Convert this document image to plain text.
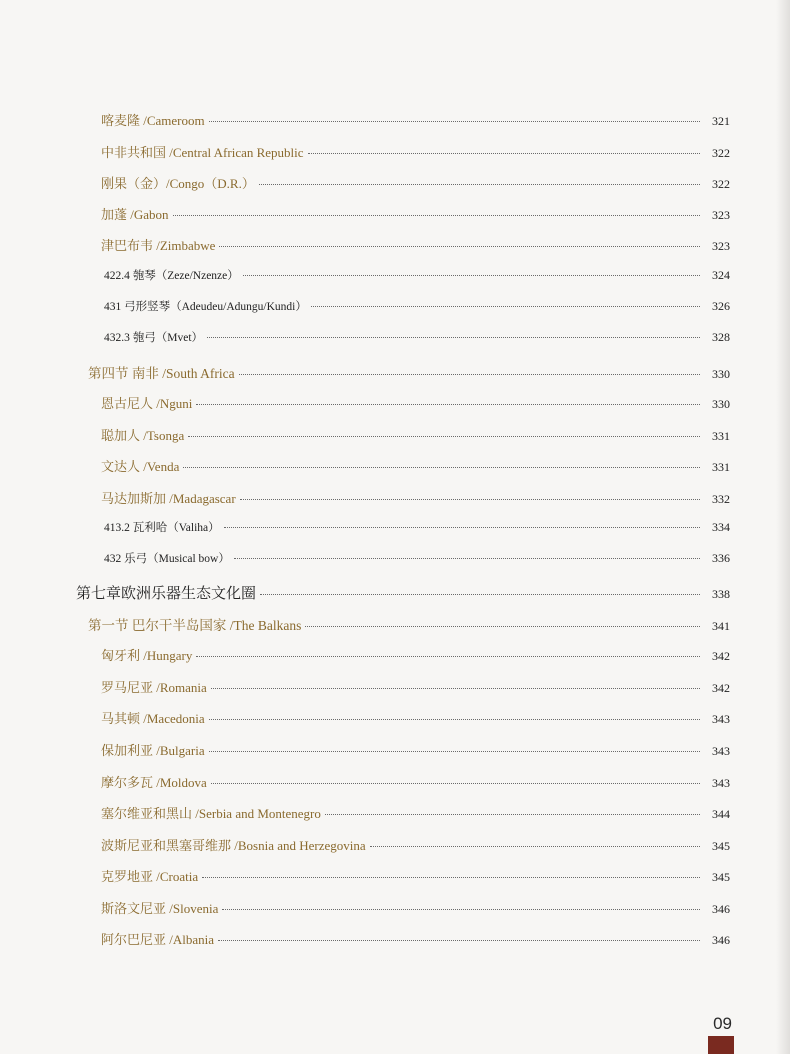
喀麦隆 /Cameroom	321
中非共和国 /Central African Republic	322
刚果（金）/Congo（D.R.）	322
加蓬 /Gabon	323
津巴布韦 /Zimbabwe	323
422.4 匏琴（Zeze/Nzenze）	324
431 弓形竖琴（Adeudeu/Adungu/Kundi）	326
432.3 匏弓（Mvet）	328
第四节 南非 /South Africa	330
恩古尼人 /Nguni	330
聪加人 /Tsonga	331
文达人 /Venda	331
马达加斯加 /Madagascar	332
413.2 瓦利哈（Valiha）	334
432 乐弓（Musical bow）	336
第七章欧洲乐器生态文化圈	338
第一节 巴尔干半岛国家 /The Balkans	341
匈牙利 /Hungary	342
罗马尼亚 /Romania	342
马其顿 /Macedonia	343
保加利亚 /Bulgaria	343
摩尔多瓦 /Moldova	343
塞尔维亚和黑山 /Serbia and Montenegro	344
波斯尼亚和黑塞哥维那 /Bosnia and Herzegovina	345
克罗地亚 /Croatia	345
斯洛文尼亚 /Slovenia	346
阿尔巴尼亚 /Albania	346
09
